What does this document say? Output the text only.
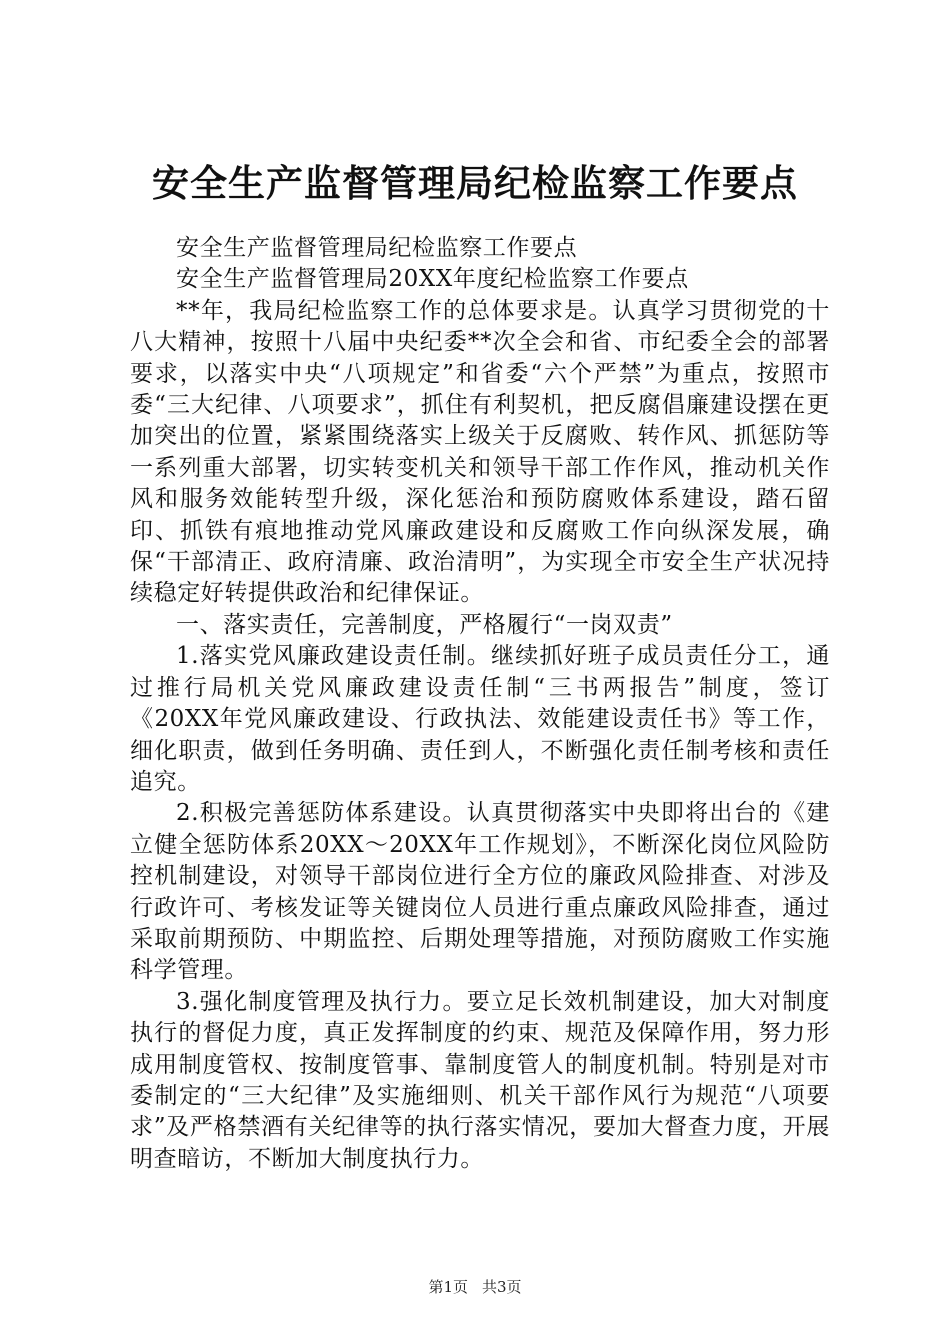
安全生产监督管理局纪检监察工作要点

安全生产监督管理局纪检监察工作要点

安全生产监督管理局20XX年度纪检监察工作要点

**年，我局纪检监察工作的总体要求是。认真学习贯彻党的十八大精神，按照十八届中央纪委**次全会和省、市纪委全会的部署要求，以落实中央“八项规定”和省委“六个严禁”为重点，按照市委“三大纪律、八项要求”，抓住有利契机，把反腐倡廉建设摆在更加突出的位置，紧紧围绕落实上级关于反腐败、转作风、抓惩防等一系列重大部署，切实转变机关和领导干部工作作风，推动机关作风和服务效能转型升级，深化惩治和预防腐败体系建设，踏石留印、抓铁有痕地推动党风廉政建设和反腐败工作向纵深发展，确保“干部清正、政府清廉、政治清明”，为实现全市安全生产状况持续稳定好转提供政治和纪律保证。

一、落实责任，完善制度，严格履行“一岗双责”

1.落实党风廉政建设责任制。继续抓好班子成员责任分工，通过推行局机关党风廉政建设责任制“三书两报告”制度，签订《20XX年党风廉政建设、行政执法、效能建设责任书》等工作，细化职责，做到任务明确、责任到人，不断强化责任制考核和责任追究。

2.积极完善惩防体系建设。认真贯彻落实中央即将出台的《建立健全惩防体系20XX～20XX年工作规划》，不断深化岗位风险防控机制建设，对领导干部岗位进行全方位的廉政风险排查、对涉及行政许可、考核发证等关键岗位人员进行重点廉政风险排查，通过采取前期预防、中期监控、后期处理等措施，对预防腐败工作实施科学管理。

3.强化制度管理及执行力。要立足长效机制建设，加大对制度执行的督促力度，真正发挥制度的约束、规范及保障作用，努力形成用制度管权、按制度管事、靠制度管人的制度机制。特别是对市委制定的“三大纪律”及实施细则、机关干部作风行为规范“八项要求”及严格禁酒有关纪律等的执行落实情况，要加大督查力度，开展明查暗访，不断加大制度执行力。

第1页 共3页
